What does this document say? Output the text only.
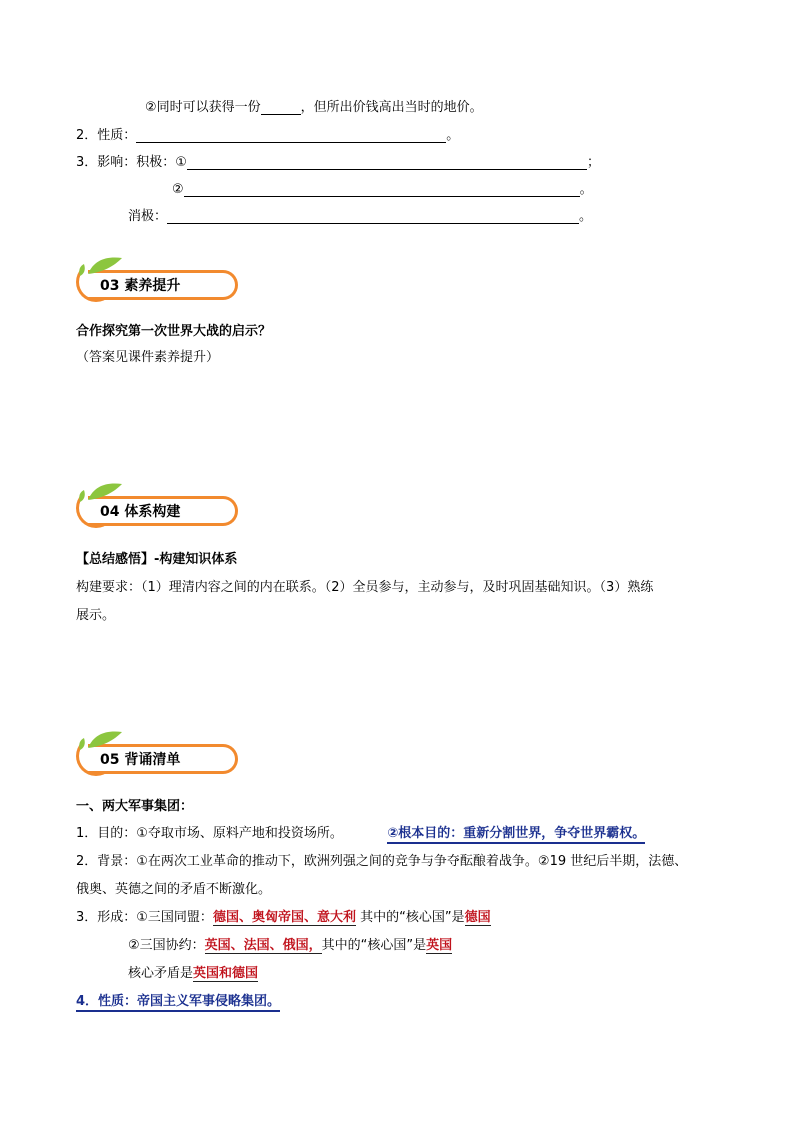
②同时可以获得一份	，但所出价钱高出当时的地价。
2．性质：	。
3．影响：积极：①	；
②	。
消极：	。
03 素养提升
合作探究第一次世界大战的启示？
（答案见课件素养提升）
04 体系构建
【总结感悟】-构建知识体系
构建要求：（1）理清内容之间的内在联系。（2）全员参与，主动参与，及时巩固基础知识。（3）熟练
展示。
05 背诵清单
一、两大军事集团：
1．目的：①夺取市场、原料产地和投资场所。	②根本目的：重新分割世界，争夺世界霸权。
2．背景：①在两次工业革命的推动下，欧洲列强之间的竞争与争夺酝酿着战争。②19 世纪后半期，法德、
俄奥、英德之间的矛盾不断激化。
3．形成：①三国同盟：德国、奥匈帝国、意大利 其中的“核心国”是德国
②三国协约：英国、法国、俄国，其中的“核心国”是英国
核心矛盾是英国和德国
4．性质：帝国主义军事侵略集团。
